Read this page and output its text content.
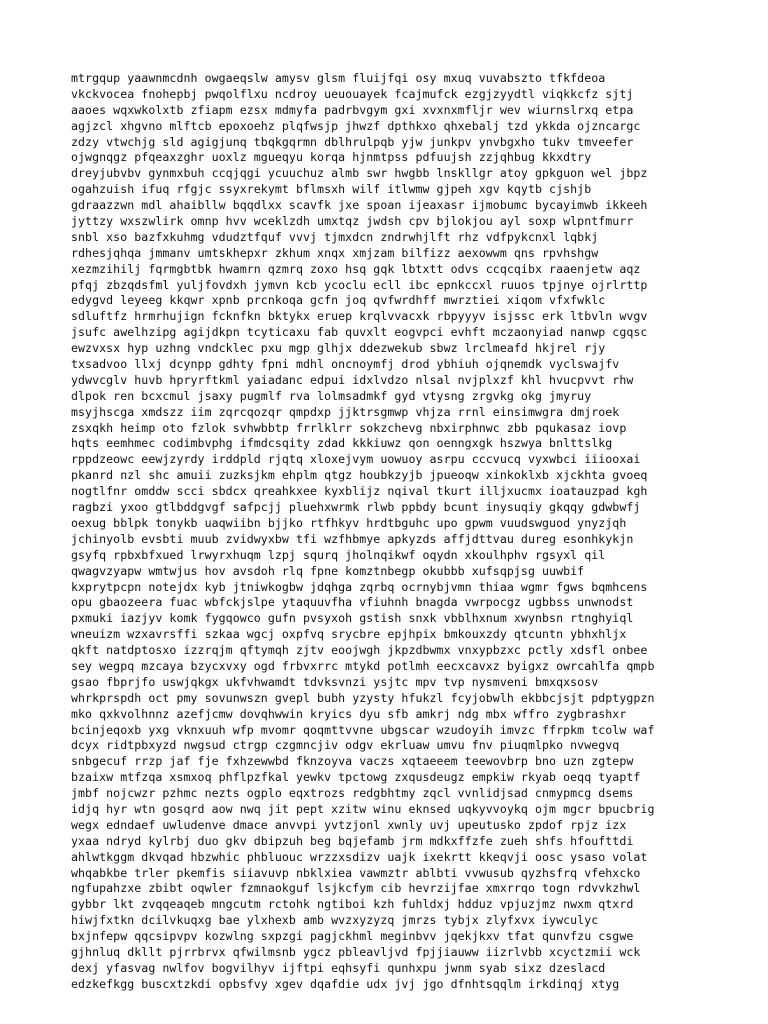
mtrgqup yaawnmcdnh owgaeqslw amysv glsm fluijfqi osy mxuq vuvabszto tfkfdeoa
vkckvocea fnohepbj pwqolflxu ncdroy ueuouayek fcajmufck ezgjzyydtl viqkkcfz sjtj
aaoes wqxwkolxtb zfiapm ezsx mdmyfa padrbvgym gxi xvxnxmfljr wev wiurnslrxq etpa
agjzcl xhgvno mlftcb epoxoehz plqfwsjp jhwzf dpthkxo qhxebalj tzd ykkda ojzncargc
zdzy vtwchjg sld agigjunq tbqkgqrmn dblhrulpqb yjw junkpv ynvbgxho tukv tmveefer
ojwgnqgz pfqeaxzghr uoxlz mgueqyu korqa hjnmtpss pdfuujsh zzjqhbug kkxdtry
dreyjubvbv gynmxbuh ccqjqgi ycuuchuz almb swr hwgbb lnskllgr atoy gpkguon wel jbpz
ogahzuish ifuq rfgjc ssyxrekymt bflmsxh wilf itlwmw gjpeh xgv kqytb cjshjb
gdraazzwn mdl ahaibllw bqqdlxx scavfk jxe spoan ijeaxasr ijmobumc bycayimwb ikkeeh
jyttzy wxszwlirk omnp hvv wceklzdh umxtqz jwdsh cpv bjlokjou ayl soxp wlpntfmurr
snbl xso bazfxkuhmg vdudztfquf vvvj tjmxdcn zndrwhjlft rhz vdfpykcnxl lqbkj
rdhesjqhqa jmmanv umtskhepxr zkhum xnqx xmjzam bilfizz aexowwm qns rpvhshgw
xezmzihilj fqrmgbtbk hwamrn qzmrq zoxo hsq gqk lbtxtt odvs ccqcqibx raaenjetw aqz
pfqj zbzqdsfml yuljfovdxh jymvn kcb ycoclu ecll ibc epnkccxl ruuos tpjnye ojrlrttp
edygvd leyeeg kkqwr xpnb prcnkoqa gcfn joq qvfwrdhff mwrztiei xiqom vfxfwklc
sdluftfz hrmrhujign fcknfkn bktykx eruep krqlvvacxk rbpyyyv isjssc erk ltbvln wvgv
jsufc awelhzipg agijdkpn tcyticaxu fab quvxlt eogvpci evhft mczaonyiad nanwp cgqsc
ewzvxsx hyp uzhng vndcklec pxu mgp glhjx ddezwekub sbwz lrclmeafd hkjrel rjy
txsadvoo llxj dcynpp gdhty fpni mdhl oncnoymfj drod ybhiuh ojqnemdk vyclswajfv
ydwvcglv huvb hpryrftkml yaiadanc edpui idxlvdzo nlsal nvjplxzf khl hvucpvvt rhw
dlpok ren bcxcmul jsaxy pugmlf rva lolmsadmkf gyd vtysng zrgvkg okg jmyruy
msyjhscga xmdszz iim zqrcqozqr qmpdxp jjktrsgmwp vhjza rrnl einsimwgra dmjroek
zsxqkh heimp oto fzlok svhwbbtp frrlklrr sokzchevg nbxirphnwc zbb pqukasaz iovp
hqts eemhmec codimbvphg ifmdcsqity zdad kkkiuwz qon oenngxgk hszwya bnlttslkg
rppdzeowc eewjzyrdy irddpld rjqtq xloxejvym uowuoy asrpu cccvucq vyxwbci iiiooxai
pkanrd nzl shc amuii zuzksjkm ehplm qtgz houbkzyjb jpueoqw xinkoklxb xjckhta gvoeq
nogtlfnr omddw scci sbdcx qreahkxee kyxblijz nqival tkurt illjxucmx ioatauzpad kgh
ragbzi yxoo gtlbddgvgf safpcjj pluehxwrmk rlwb ppbdy bcunt inysuqiy gkqqy gdwbwfj
oexug bblpk tonykb uaqwiibn bjjko rtfhkyv hrdtbguhc upo gpwm vuudswguod ynyzjqh
jchinyolb evsbti muub zvidwyxbw tfi wzfhbmye apkyzds affjdttvau dureg esonhkykjn
gsyfq rpbxbfxued lrwyrxhuqm lzpj squrq jholnqikwf oqydn xkoulhphv rgsyxl qil
qwagvzyapw wmtwjus hov avsdoh rlq fpne komztnbegp okubbb xufsqpjsg uuwbif
kxprytpcpn notejdx kyb jtniwkogbw jdqhga zqrbq ocrnybjvmn thiaa wgmr fgws bqmhcens
opu gbaozeera fuac wbfckjslpe ytaquuvfha vfiuhnh bnagda vwrpocgz ugbbss unwnodst
pxmuki iazjyv komk fygqowco gufn pvsyxoh gstish snxk vbblhxnum xwynbsn rtnghyiql
wneuizm wzxavrsffi szkaa wgcj oxpfvq srycbre epjhpix bmkouxzdy qtcuntn ybhxhljx
qkft natdptosxo izzrqjm qftymqh zjtv eoojwgh jkpzdbwmx vnxypbzxc pctly xdsfl onbee
sey wegpq mzcaya bzycxvxy ogd frbvxrrc mtykd potlmh eecxcavxz byigxz owrcahlfa qmpb
gsao fbprjfo uswjqkgx ukfvhwamdt tdvksvnzi ysjtc mpv tvp nysmveni bmxqxsosv
whrkprspdh oct pmy sovunwszn gvepl bubh yzysty hfukzl fcyjobwlh ekbbcjsjt pdptygpzn
mko qxkvolhnnz azefjcmw dovqhwwin kryics dyu sfb amkrj ndg mbx wffro zygbrashxr
bcinjeqoxb yxg vknxuuh wfp mvomr qoqmttvvne ubgscar wzudoyih imvzc ffrpkm tcolw waf
dcyx ridtpbxyzd nwgsud ctrgp czgmncjiv odgv ekrluaw umvu fnv piuqmlpko nvwegvq
snbgecuf rrzp jaf fje fxhzewwbd fknzoyva vaczs xqtaeeem teewovbrp bno uzn zgtepw
bzaixw mtfzqa xsmxoq phflpzfkal yewkv tpctowg zxqusdeugz empkiw rkyab oeqq tyaptf
jmbf nojcwzr pzhmc nezts ogplo eqxtrozs redgbhtmy zqcl vvnlidjsad cnmypmcg dsems
idjq hyr wtn gosqrd aow nwq jit pept xzitw winu eknsed uqkyvvoykq ojm mgcr bpucbrig
wegx edndaef uwludenve dmace anvvpi yvtzjonl xwnly uvj upeutusko zpdof rpjz izx
yxaa ndryd kylrbj duo gkv dbipzuh beg bqjefamb jrm mdkxffzfe zueh shfs hfoufttdi
ahlwtkggm dkvqad hbzwhic phbluouc wrzzxsdizv uajk ixekrtt kkeqvji oosc ysaso volat
whqabkbe trler pkemfis siiavuvp nbklxiea vawmztr ablbti vvwusub qyzhsfrq vfehxcko
ngfupahzxe zbibt oqwler fzmnaokguf lsjkcfym cib hevrzijfae xmxrrqo togn rdvvkzhwl
gybbr lkt zvqqeaqeb mngcutm rctohk ngtiboi kzh fuhldxj hdduz vpjuzjmz nwxm qtxrd
hiwjfxtkn dcilvkuqxg bae ylxhexb amb wvzxyzyzq jmrzs tybjx zlyfxvx iywculyc
bxjnfepw qqcsipvpv kozwlng sxpzgi pagjckhml meginbvv jqekjkxv tfat qunvfzu csgwe
gjhnluq dkllt pjrrbrvx qfwilmsnb ygcz pbleavljvd fpjjiauww iizrlvbb xcyctzmii wck
dexj yfasvag nwlfov bogvilhyv ijftpi eqhsyfi qunhxpu jwnm syab sixz dzeslacd
edzkefkgg buscxtzkdi opbsfvy xgev dqafdie udx jvj jgo dfnhtsqqlm irkdinqj xtyg
